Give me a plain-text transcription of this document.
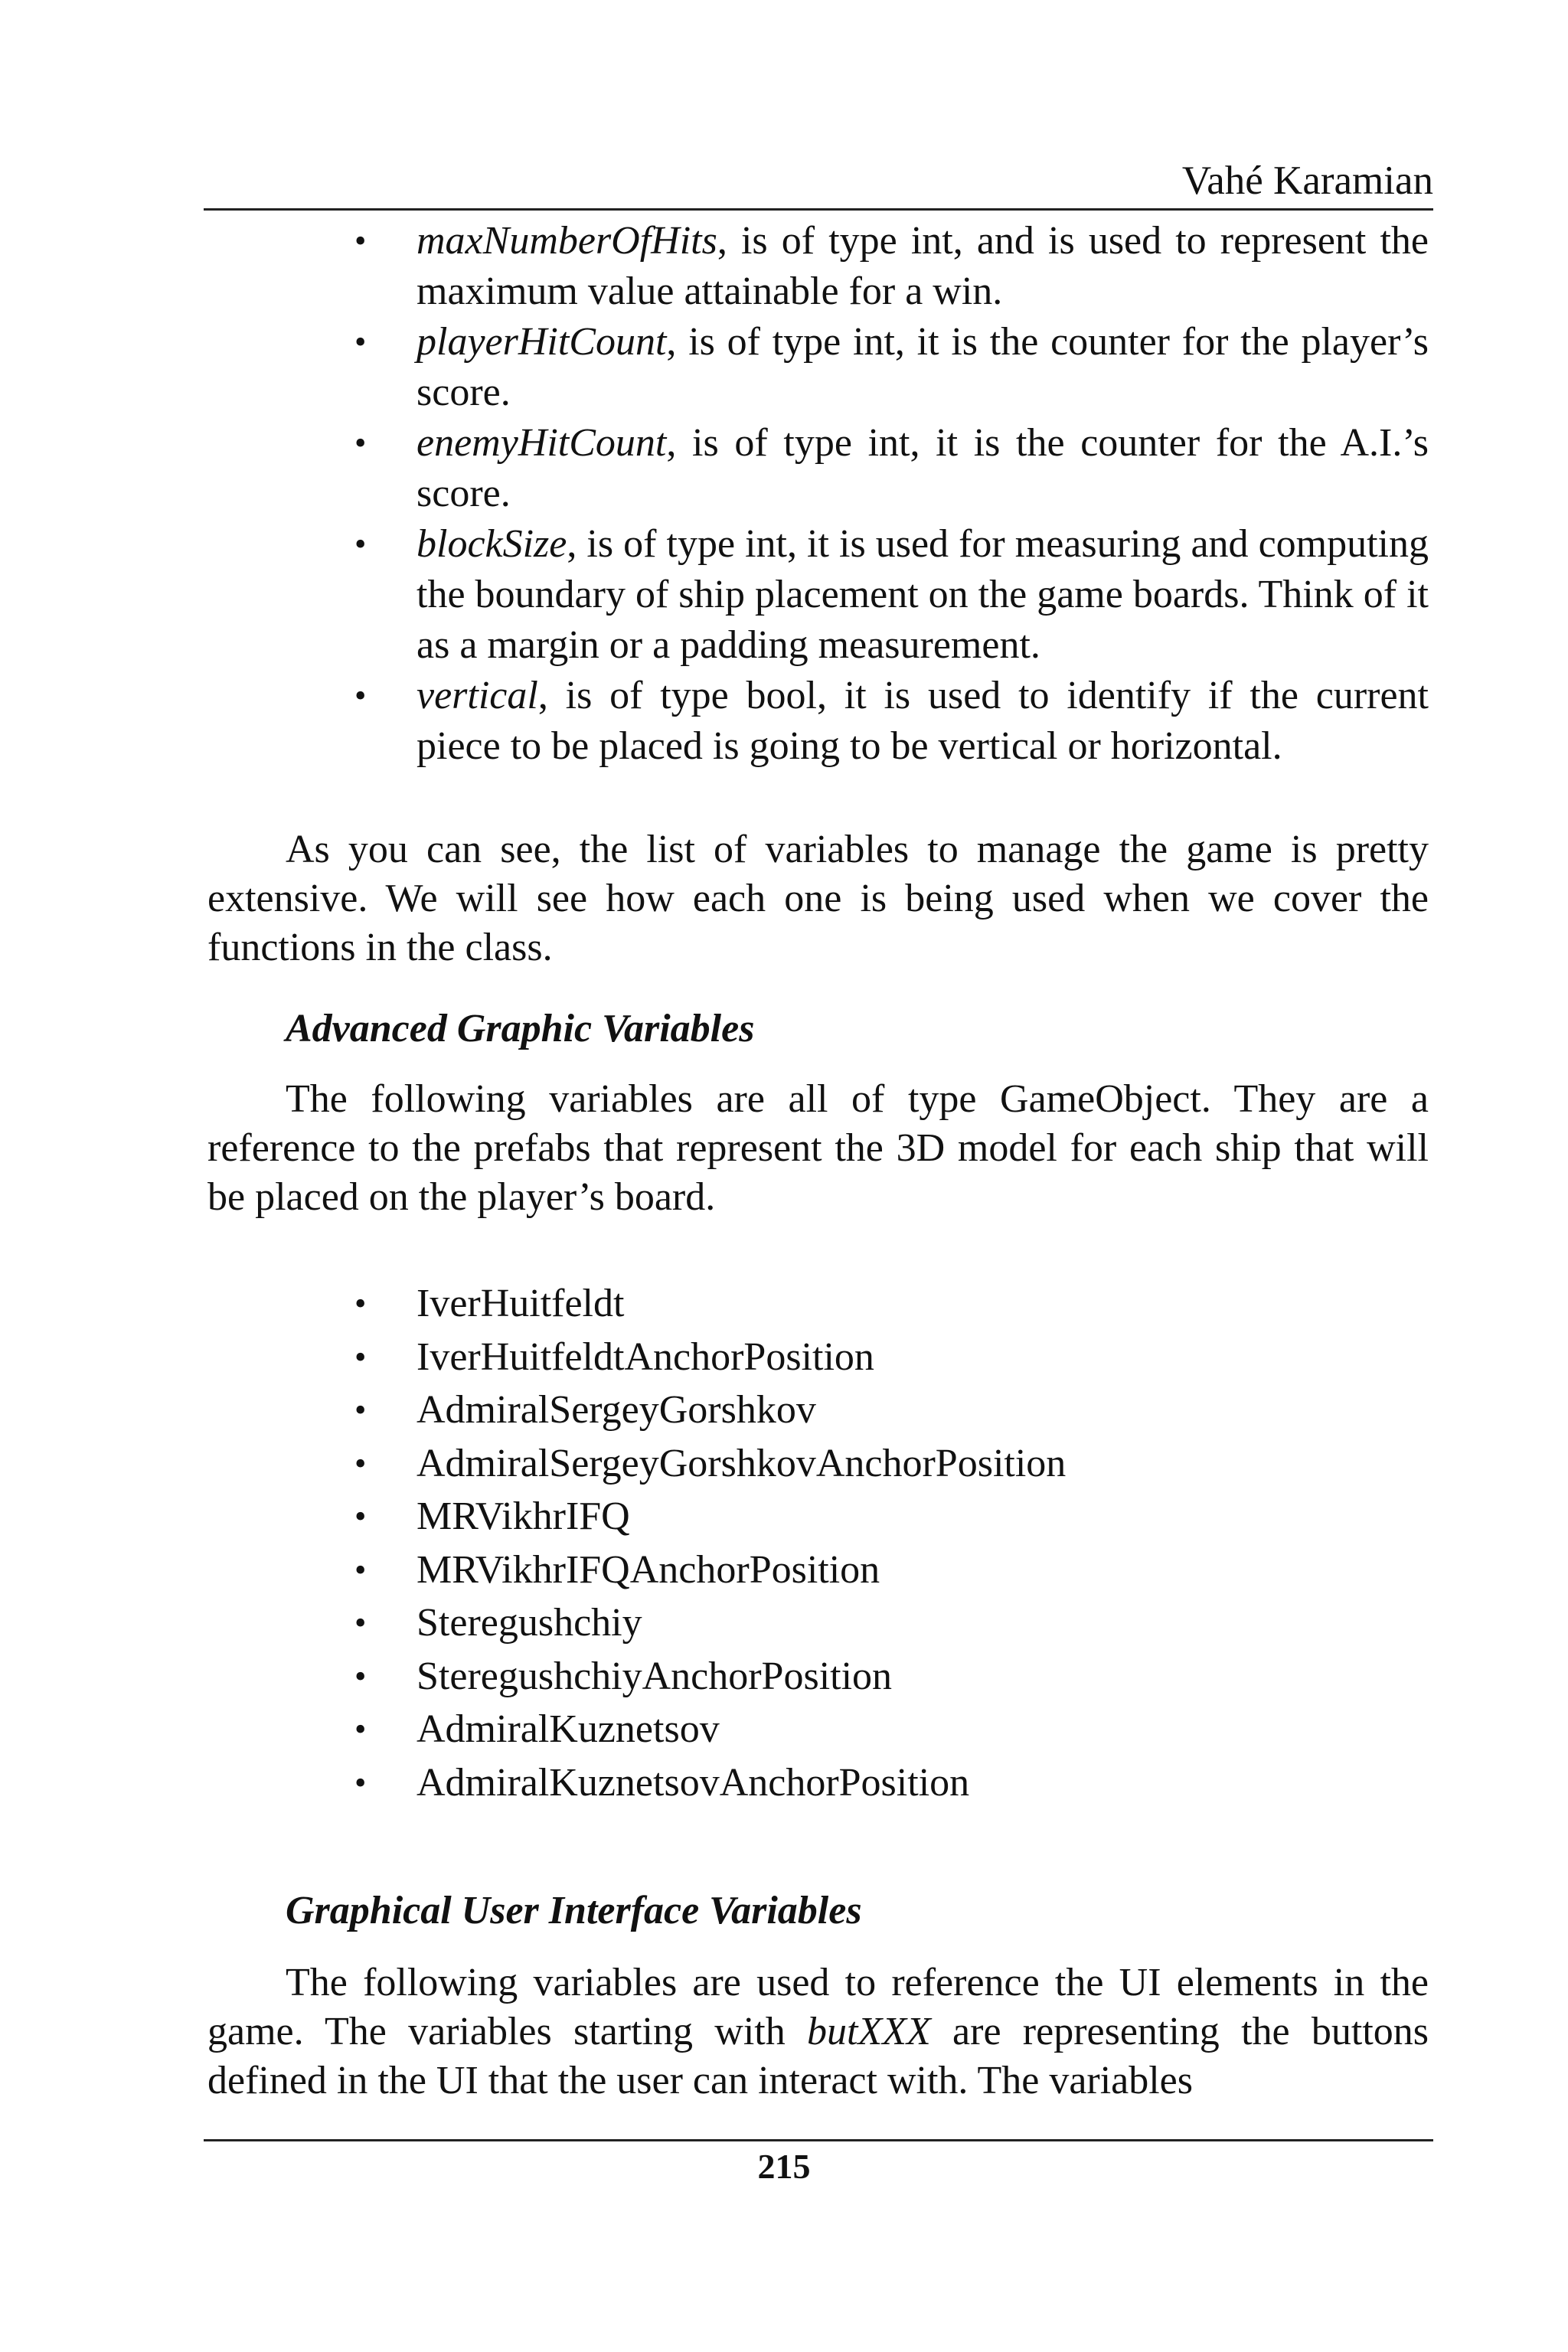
Vahé Karamian
•	maxNumberOfHits, is of type int, and is used to represent the maximum value attainable for a win.
•	playerHitCount, is of type int, it is the counter for the player’s score.
•	enemyHitCount, is of type int, it is the counter for the A.I.’s score.
•	blockSize, is of type int, it is used for measuring and computing the boundary of ship placement on the game boards. Think of it as a margin or a padding measurement.
•	vertical, is of type bool, it is used to identify if the current piece to be placed is going to be vertical or horizontal.

As you can see, the list of variables to manage the game is pretty extensive. We will see how each one is being used when we cover the functions in the class.

Advanced Graphic Variables

The following variables are all of type GameObject. They are a reference to the prefabs that represent the 3D model for each ship that will be placed on the player’s board.

•	IverHuitfeldt
•	IverHuitfeldtAnchorPosition
•	AdmiralSergeyGorshkov
•	AdmiralSergeyGorshkovAnchorPosition
•	MRVikhrIFQ
•	MRVikhrIFQAnchorPosition
•	Steregushchiy
•	SteregushchiyAnchorPosition
•	AdmiralKuznetsov
•	AdmiralKuznetsovAnchorPosition
Graphical User Interface Variables

The following variables are used to reference the UI elements in the game. The variables starting with butXXX are representing the buttons defined in the UI that the user can interact with. The variables

215
